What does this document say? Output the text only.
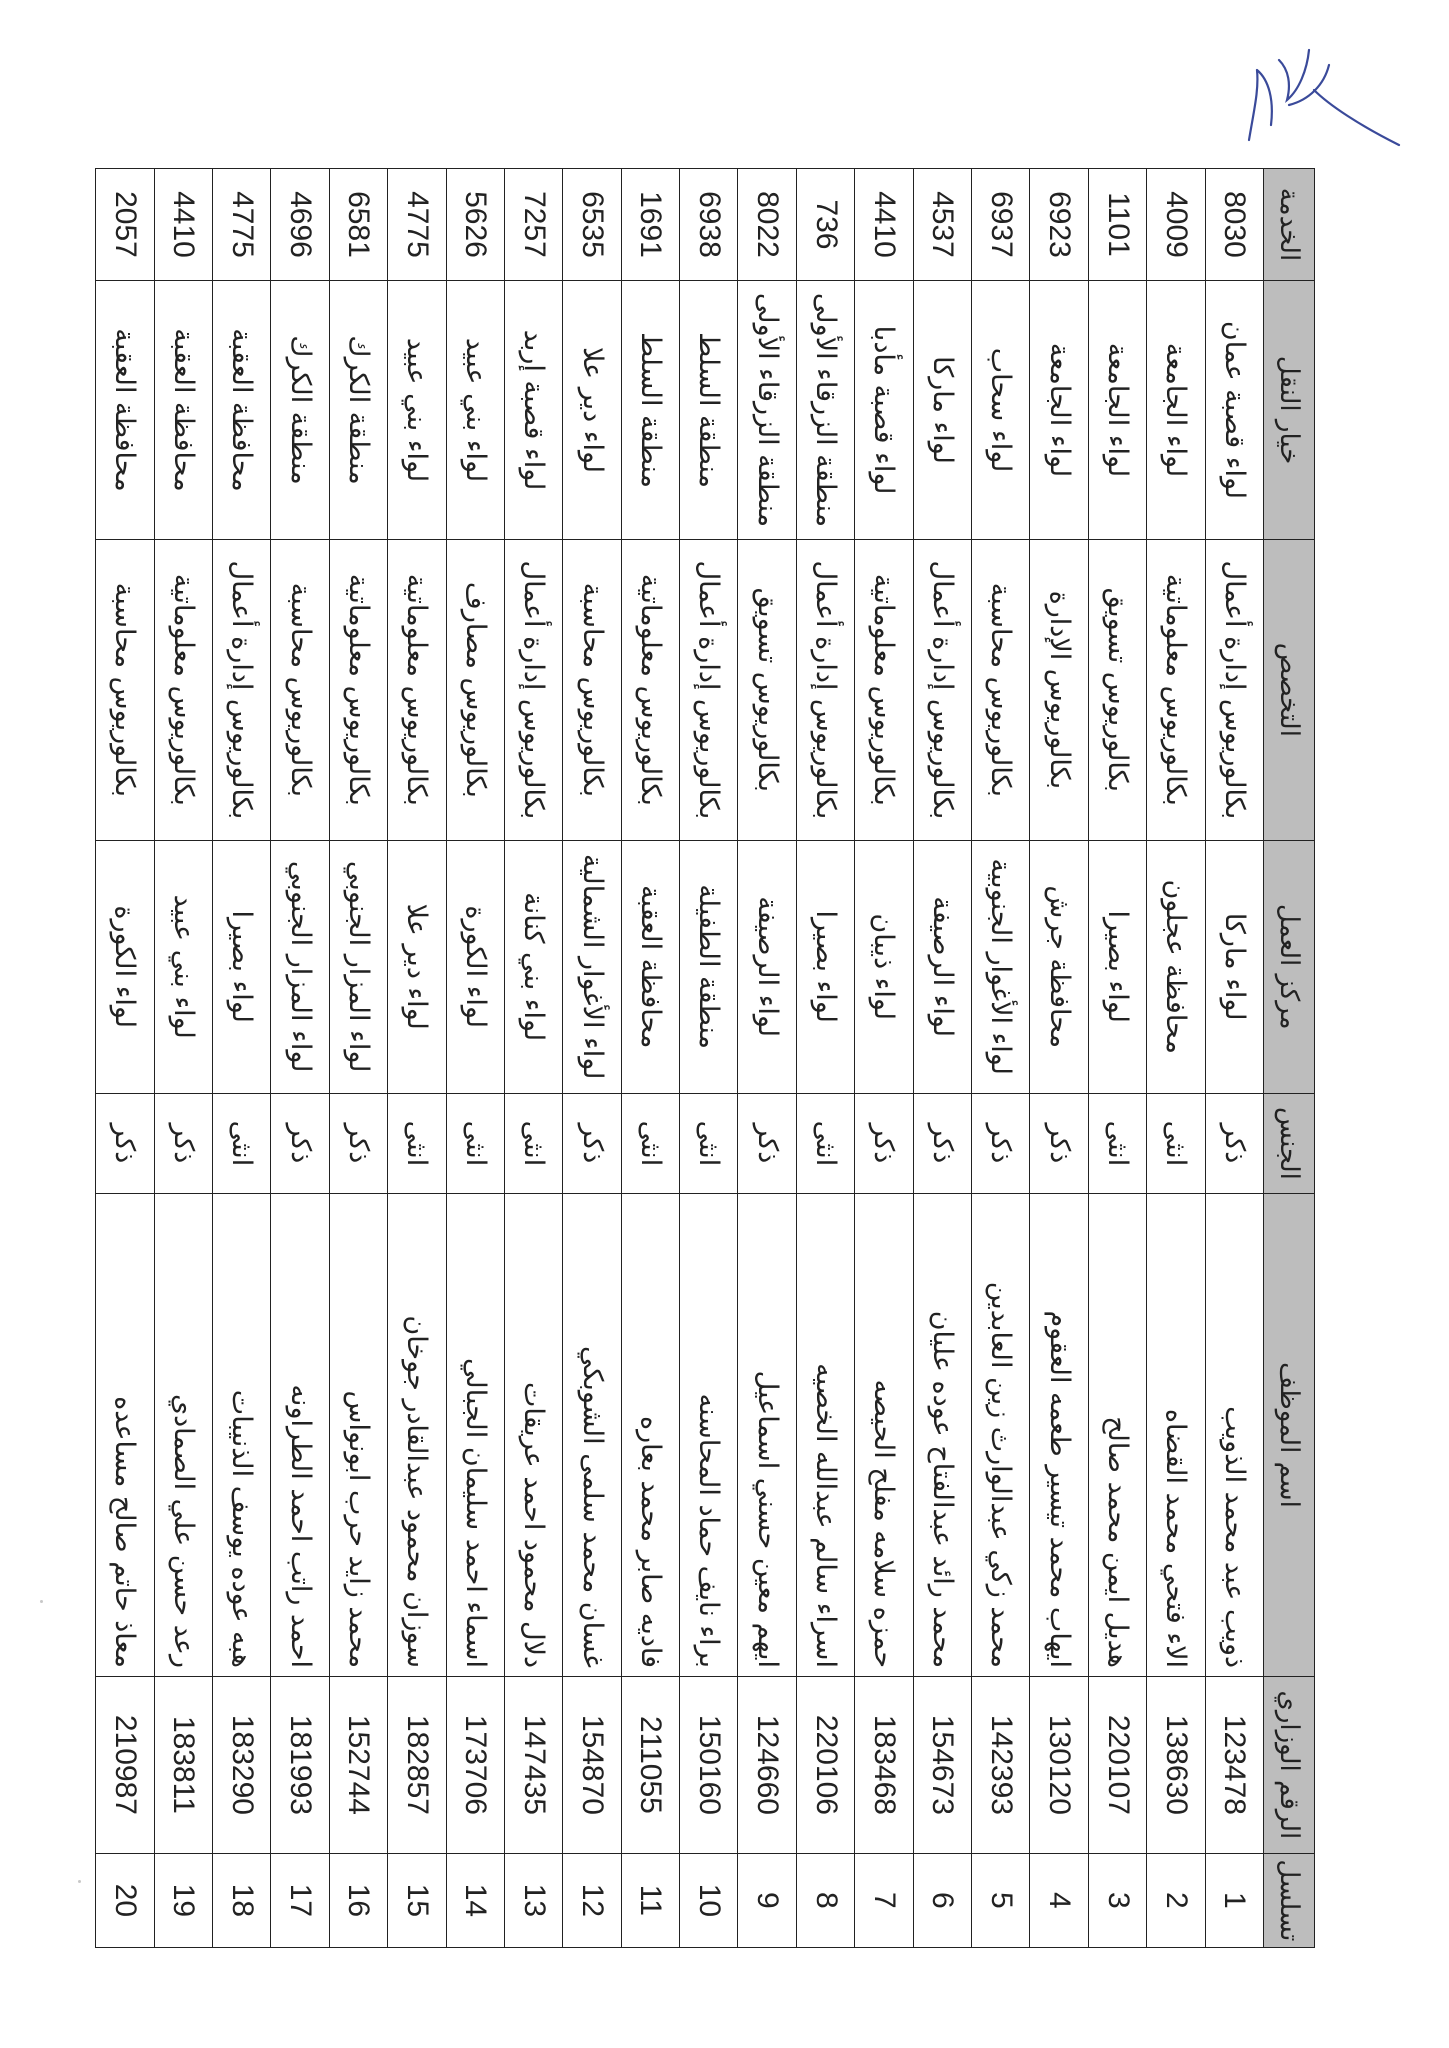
تسلسل	الرقم الوزاري	اسم الموظف	الجنس	مركز العمل	التخصص	خيار النقل	الخدمة
1	123478	ذويب عبد محمد الذويب	ذكر	لواء ماركا	بكالوريوس إدارة أعمال	لواء قصبة عمان	8030
2	138630	الاء فتحي محمد القضاه	انثى	محافظة عجلون	بكالوريوس معلوماتية	لواء الجامعة	4009
3	220107	هديل ايمن محمد صالح	انثى	لواء بصيرا	بكالوريوس تسويق	لواء الجامعة	1101
4	130120	ايهاب محمد تيسير طعمه العقوم	ذكر	محافظة جرش	بكالوريوس الإدارة	لواء الجامعة	6923
5	142393	محمد زكي عبدالوارث زين العابدين	ذكر	لواء الأغوار الجنوبية	بكالوريوس محاسبة	لواء سحاب	6937
6	154673	محمد رائد عبدالفتاح عوده عليان	ذكر	لواء الرصيفة	بكالوريوس إدارة أعمال	لواء ماركا	4537
7	183468	حمزه سلامه مفلح الحيصه	ذكر	لواء ذيبان	بكالوريوس معلوماتية	لواء قصبة مأدبا	4410
8	220106	اسراء سالم عبدالله الخصيه	انثى	لواء بصيرا	بكالوريوس إدارة أعمال	منطقة الزرقاء الأولى	736
9	124660	ايهم معين حسني اسماعيل	ذكر	لواء الرصيفة	بكالوريوس تسويق	منطقة الزرقاء الأولى	8022
10	150160	براء نايف حماد المحاسنه	انثى	منطقة الطفيلة	بكالوريوس إدارة أعمال	منطقة السلط	6938
11	211055	فاديه صابر محمد بعاره	انثى	محافظة العقبة	بكالوريوس معلوماتية	منطقة السلط	1691
12	154870	غسان محمد سلمى الشوبكي	ذكر	لواء الأغوار الشمالية	بكالوريوس محاسبة	لواء دير علا	6535
13	147435	دلال محمود احمد عريقات	انثى	لواء بني كنانة	بكالوريوس إدارة أعمال	لواء قصبة إربد	7257
14	173706	اسماء احمد سليمان الجبالي	انثى	لواء الكورة	بكالوريوس مصارف	لواء بني عبيد	5626
15	182857	سوزان محمود عبدالقادر جوخان	انثى	لواء دير علا	بكالوريوس معلوماتية	لواء بني عبيد	4775
16	152744	محمد زايد حرب ابونواس	ذكر	لواء المزار الجنوبي	بكالوريوس معلوماتية	منطقة الكرك	6581
17	181993	احمد راتب احمد الطراونه	ذكر	لواء المزار الجنوبي	بكالوريوس محاسبة	منطقة الكرك	4696
18	183290	هبه عوده يوسف الذنيبات	انثى	لواء بصيرا	بكالوريوس إدارة أعمال	محافظة العقبة	4775
19	183811	رعد حسن علي الصمادي	ذكر	لواء بني عبيد	بكالوريوس معلوماتية	محافظة العقبة	4410
20	210987	معاذ حاتم صالح مساعده	ذكر	لواء الكورة	بكالوريوس محاسبة	محافظة العقبة	2057
